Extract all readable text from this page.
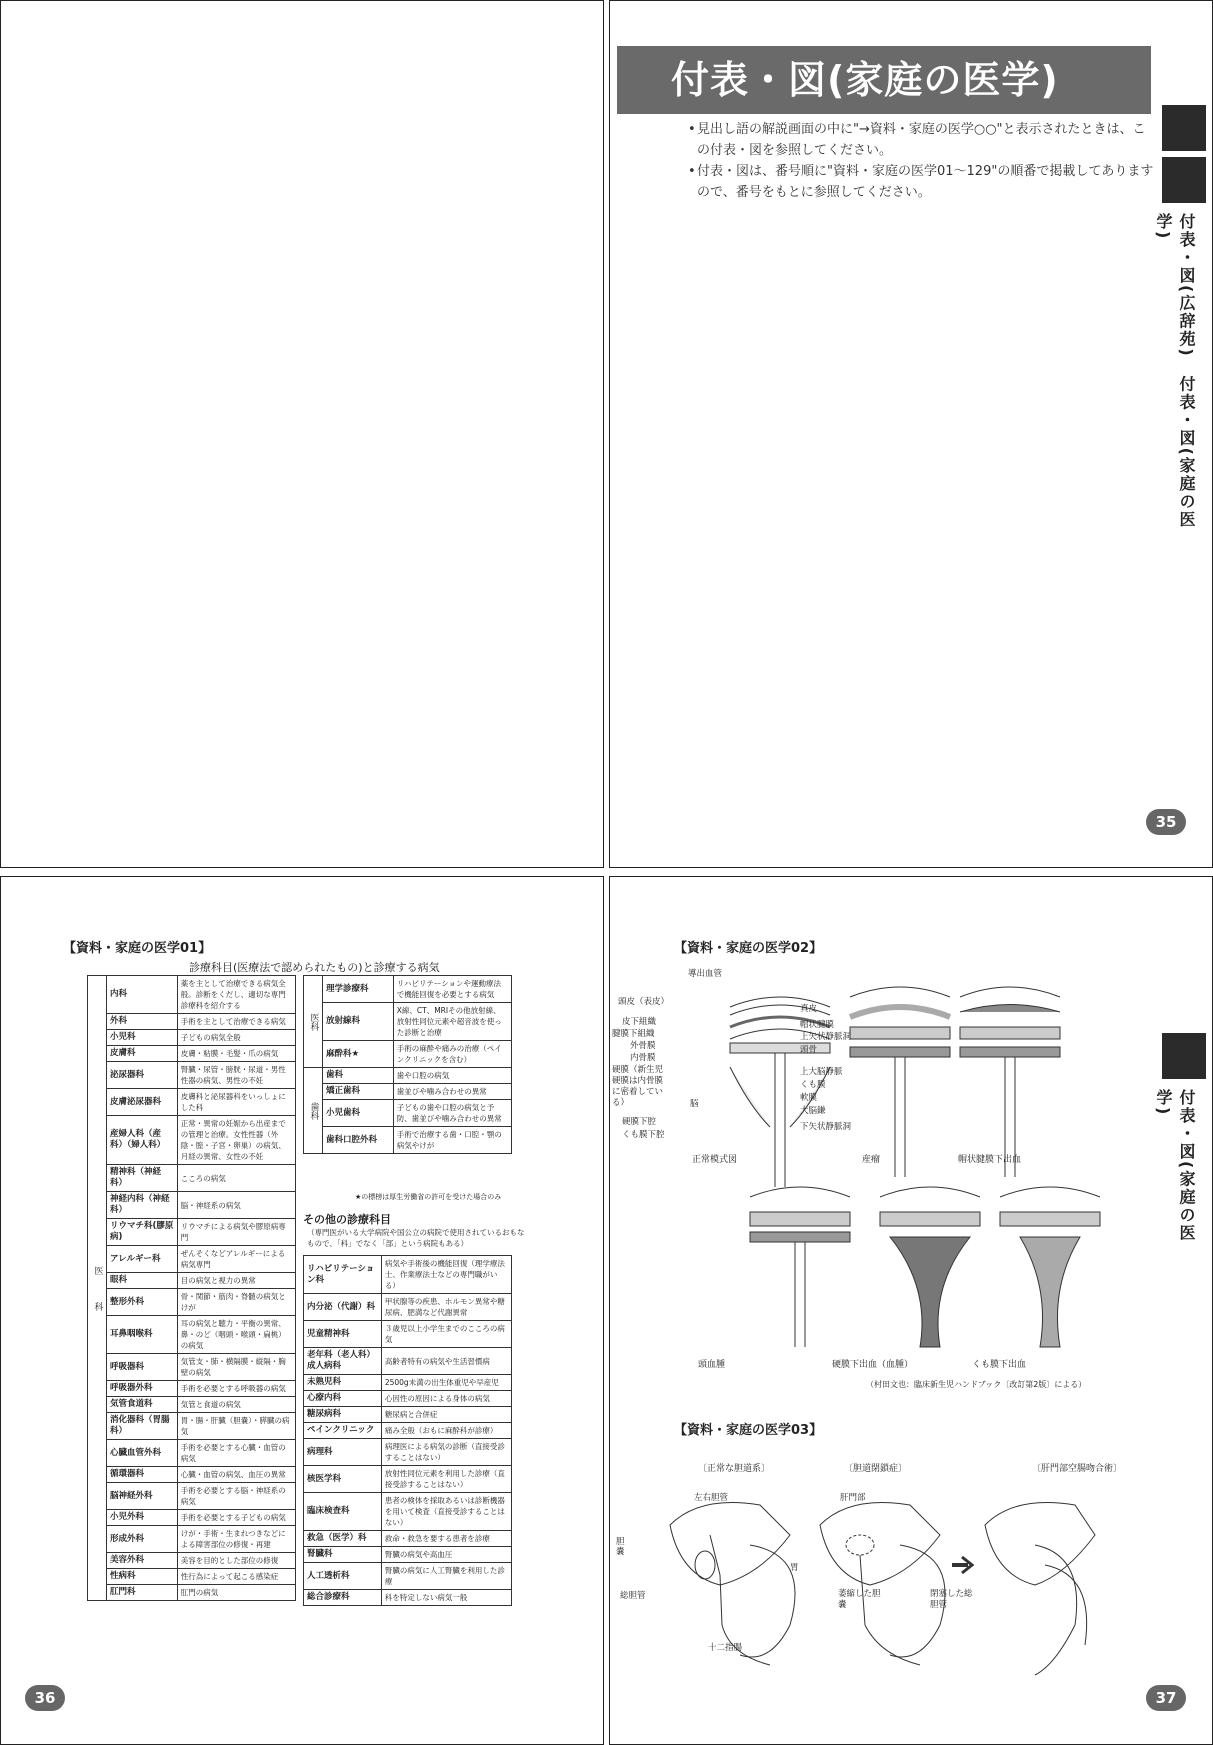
付表・図(家庭の医学)
• 見出し語の解説画面の中に"→資料・家庭の医学○○"と表示されたときは、この付表・図を参照してください。
• 付表・図は、番号順に"資料・家庭の医学01〜129"の順番で掲載してありますので、番号をもとに参照してください。
付表・図(広辞苑)　付表・図(家庭の医学)
35
【資料・家庭の医学01】
診療科目(医療法で認められたもの)と診療する病気
医　　　科	内科	薬を主として治療できる病気全般。診断をくだし、適切な専門診療科を紹介する
	外科	手術を主として治療できる病気
	小児科	子どもの病気全般
	皮膚科	皮膚・粘膜・毛髪・爪の病気
	泌尿器科	腎臓・尿管・膀胱・尿道・男性性器の病気、男性の不妊
	皮膚泌尿器科	皮膚科と泌尿器科をいっしょにした科
	産婦人科（産科）（婦人科）	正常・異常の妊娠から出産までの管理と治療。女性性器（外陰・膣・子宮・卵巣）の病気、月経の異常、女性の不妊
	精神科（神経科）	こころの病気
	神経内科（神経科）	脳・神経系の病気
	リウマチ科(膠原病)	リウマチによる病気や膠原病専門
	アレルギー科	ぜんそくなどアレルギーによる病気専門
	眼科	目の病気と視力の異常
	整形外科	骨・関節・筋肉・脊髄の病気とけが
	耳鼻咽喉科	耳の病気と聴力・平衡の異常、鼻・のど（咽頭・喉頭・扁桃）の病気
	呼吸器科	気管支・肺・横隔膜・縦隔・胸壁の病気
	呼吸器外科	手術を必要とする呼吸器の病気
	気管食道科	気管と食道の病気
	消化器科（胃腸科）	胃・腸・肝臓（胆嚢）・膵臓の病気
	心臓血管外科	手術を必要とする心臓・血管の病気
	循環器科	心臓・血管の病気、血圧の異常
	脳神経外科	手術を必要とする脳・神経系の病気
	小児外科	手術を必要とする子どもの病気
	形成外科	けが・手術・生まれつきなどによる障害部位の修復・再建
	美容外科	美容を目的とした部位の修復
	性病科	性行為によって起こる感染症
	肛門科	肛門の病気
医科	理学診療科	リハビリテーションや運動療法で機能回復を必要とする病気
	放射線科	X線、CT、MRIその他放射線、放射性同位元素や超音波を使った診断と治療
	麻酔科★	手術の麻酔や痛みの治療（ペインクリニックを含む）
歯科	歯科	歯や口腔の病気
	矯正歯科	歯並びや噛み合わせの異常
	小児歯科	子どもの歯や口腔の病気と予防、歯並びや噛み合わせの異常
	歯科口腔外科	手術で治療する歯・口腔・顎の病気やけが
★の標榜は厚生労働省の許可を受けた場合のみ
その他の診療科目
（専門医がいる大学病院や国公立の病院で使用されているおもなもので、「科」でなく「部」という病院もある）
リハビリテーション科	病気や手術後の機能回復（理学療法士、作業療法士などの専門職がいる）
内分泌（代謝）科	甲状腺等の疾患、ホルモン異常や糖尿病、肥満など代謝異常
児童精神科	３歳児以上小学生までのこころの病気
老年科（老人科）成人病科	高齢者特有の病気や生活習慣病
未熟児科	2500g未満の出生体重児や早産児
心療内科	心因性の原因による身体の病気
糖尿病科	糖尿病と合併症
ペインクリニック	痛み全般（おもに麻酔科が診療）
病理科	病理医による病気の診断（直接受診することはない）
核医学科	放射性同位元素を利用した診療（直接受診することはない）
臨床検査科	患者の検体を採取あるいは診断機器を用いて検査（直接受診することはない）
救急（医学）科	救命・救急を要する患者を診療
腎臓科	腎臓の病気や高血圧
人工透析科	腎臓の病気に人工腎臓を利用した診療
総合診療科	科を特定しない病気一般
36
【資料・家庭の医学02】
導出血管
頭皮（表皮）
真皮
皮下組織	帽状腱膜
腱膜下組織	上矢状静脈洞
外骨膜	頭骨
内骨膜
上大脳静脈
硬膜（新生児硬膜は内骨膜に密着している）
くも膜
脳
軟膜
大脳鎌
硬膜下腔
くも膜下腔
下矢状静脈洞
正常模式図	産瘤	帽状腱膜下出血
頭血腫	硬膜下出血（血腫）	くも膜下出血
（村田文也：臨床新生児ハンドブック〔改訂第2版〕による）
【資料・家庭の医学03】
〔正常な胆道系〕	〔胆道閉鎖症〕	〔肝門部空腸吻合術〕
左右胆管
胆嚢
胃
総胆管
十二指腸
肝門部
萎縮した胆嚢
閉塞した総胆管
付表・図(家庭の医学)
37
